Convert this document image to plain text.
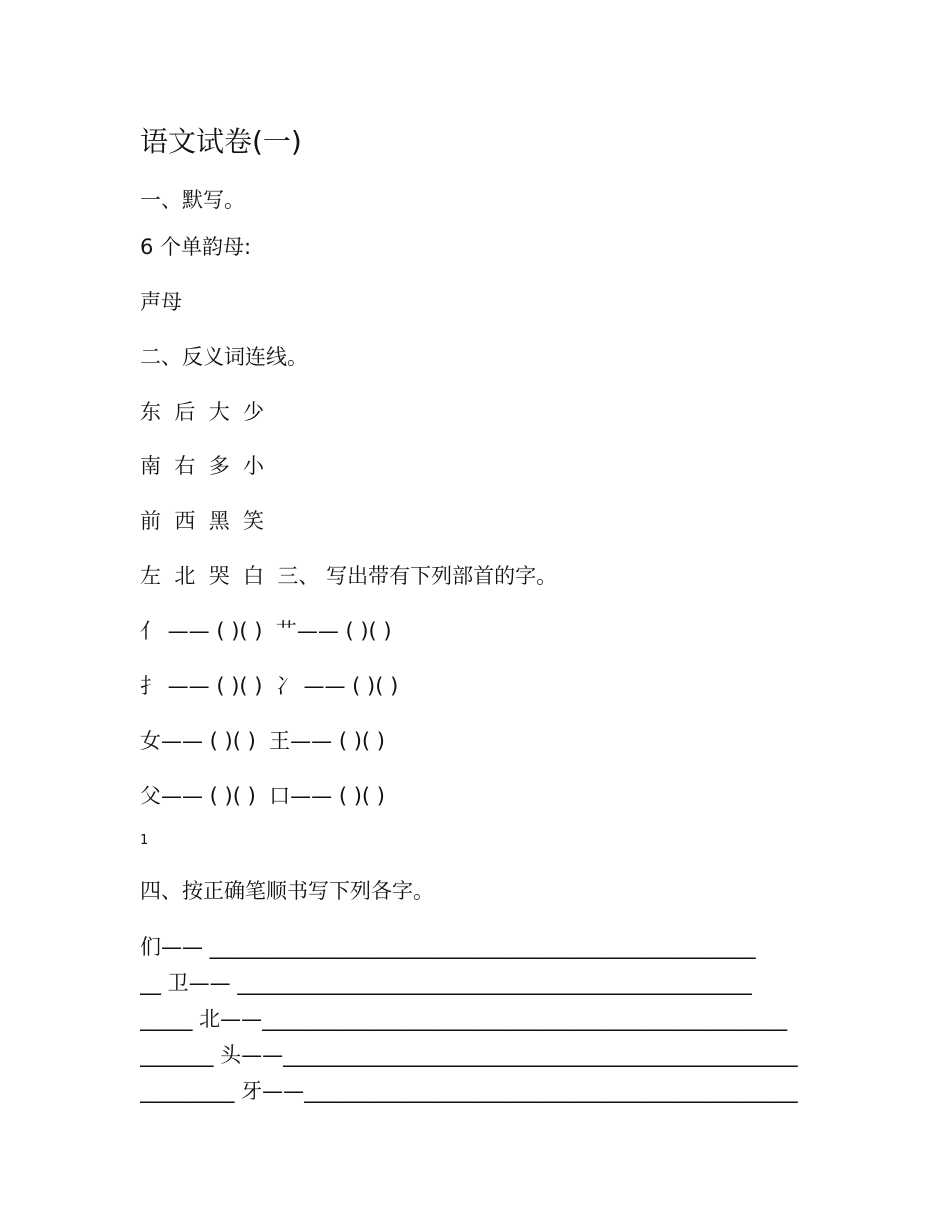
语文试卷(一)
一、默写。
6 个单韵母:
声母
二、反义词连线。
东  后  大  少
南  右  多  小
前  西  黑  笑
左  北  哭  白  三、 写出带有下列部首的字。
亻 —— ( )( )  艹—— ( )( )
扌 —— ( )( )  冫 —— ( )( )
女—— ( )( )  王—— ( )( )
父—— ( )( )  口—— ( )( )
1
四、按正确笔顺书写下列各字。
们—— ____________________________________________________
__ 卫—— _________________________________________________
_____ 北——__________________________________________________
_______ 头——_________________________________________________
_________ 牙——_______________________________________________
